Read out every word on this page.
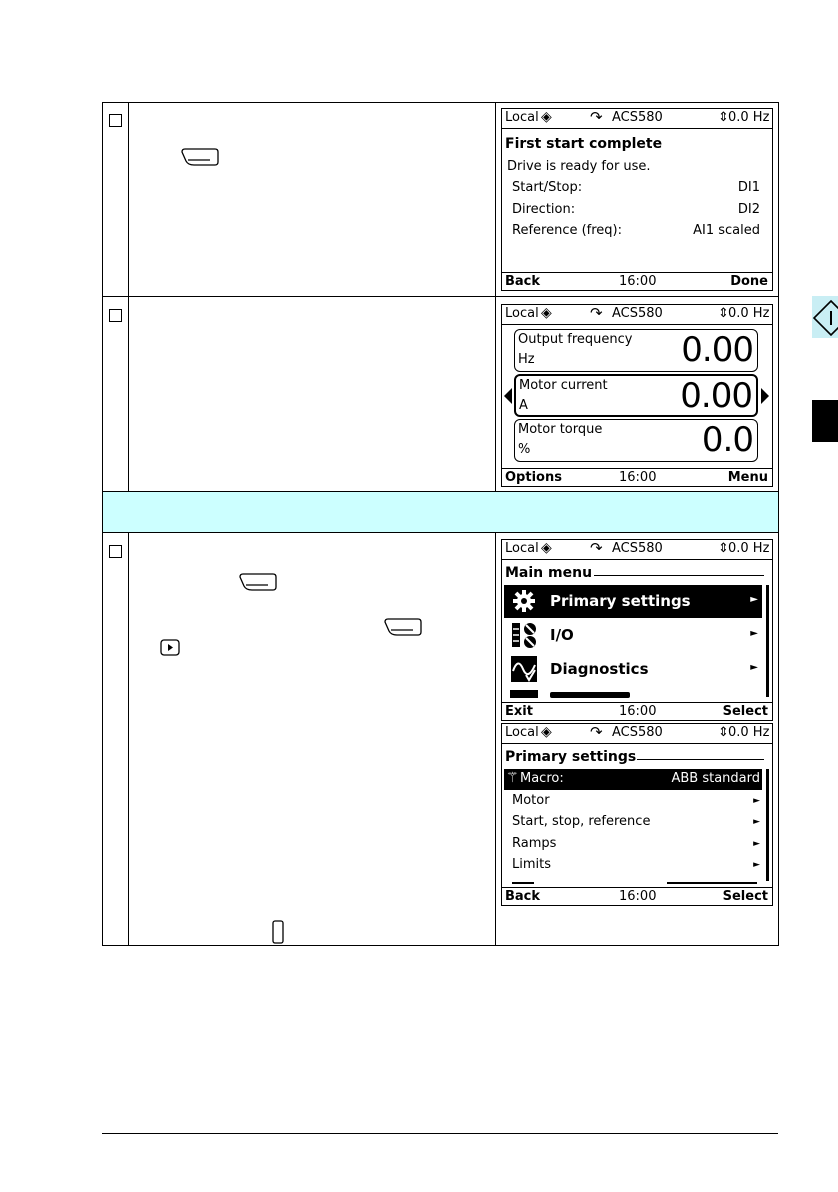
Local ◈	↷ ACS580	⇕ 0.0 Hz
First start complete
Drive is ready for use.
Start/Stop:	DI1
Direction:	DI2
Reference (freq):	AI1 scaled
Back	16:00	Done
Local ◈	↷ ACS580	⇕ 0.0 Hz
Output frequency
Hz	0.00
Motor current
A	0.00
Motor torque
%	0.0
Options	16:00	Menu
Local ◈	↷ ACS580	⇕ 0.0 Hz
Main menu
Primary settings	►
I/O	►
Diagnostics	►
Exit	16:00	Select
Local ◈	↷ ACS580	⇕ 0.0 Hz
Primary settings
⚚ Macro:	ABB standard
Motor	►
Start, stop, reference	►
Ramps	►
Limits	►
Back	16:00	Select
